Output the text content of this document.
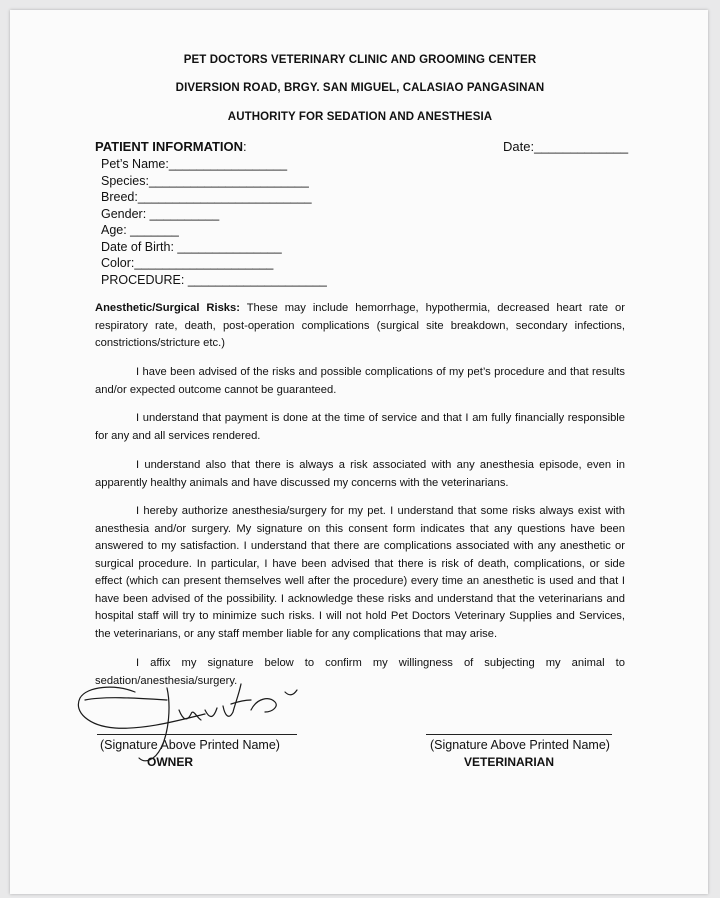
PET DOCTORS VETERINARY CLINIC AND GROOMING CENTER
DIVERSION ROAD, BRGY. SAN MIGUEL, CALASIAO PANGASINAN
AUTHORITY FOR SEDATION AND ANESTHESIA
PATIENT INFORMATION:	Date:_____________
Pet’s Name:_________________
Species:_______________________
Breed:_________________________
Gender: __________
Age: _______
Date of Birth: _______________
Color:____________________
PROCEDURE: ____________________
Anesthetic/Surgical Risks: These may include hemorrhage, hypothermia, decreased heart rate or respiratory rate, death, post-operation complications (surgical site breakdown, secondary infections, constrictions/stricture etc.)
I have been advised of the risks and possible complications of my pet’s procedure and that results and/or expected outcome cannot be guaranteed.
I understand that payment is done at the time of service and that I am fully financially responsible for any and all services rendered.
I understand also that there is always a risk associated with any anesthesia episode, even in apparently healthy animals and have discussed my concerns with the veterinarians.
I hereby authorize anesthesia/surgery for my pet. I understand that some risks always exist with anesthesia and/or surgery. My signature on this consent form indicates that any questions have been answered to my satisfaction. I understand that there are complications associated with any anesthetic or surgical procedure. In particular, I have been advised that there is risk of death, complications, or side effect (which can present themselves well after the procedure) every time an anesthetic is used and that I have been advised of the possibility. I acknowledge these risks and understand that the veterinarians and hospital staff will try to minimize such risks. I will not hold Pet Doctors Veterinary Supplies and Services, the veterinarians, or any staff member liable for any complications that may arise.
I affix my signature below to confirm my willingness of subjecting my animal to sedation/anesthesia/surgery.
(Signature Above Printed Name)
OWNER
(Signature Above Printed Name)
VETERINARIAN
